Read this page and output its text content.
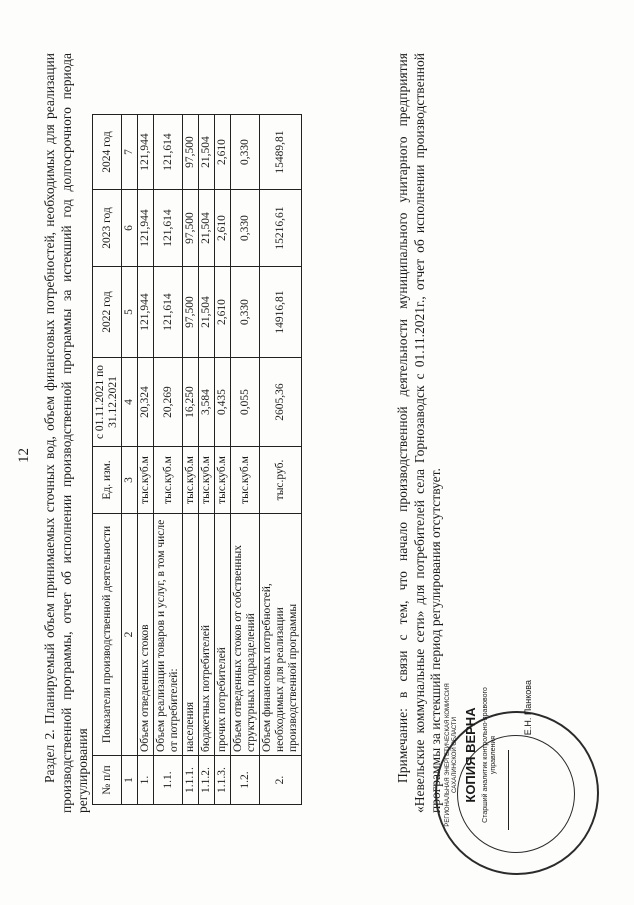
12 Раздел 2. Планируемый объем принимаемых сточных вод, объем финансовых потребностей, необходимых для реализации производственной программы, отчет об исполнении производственной программы за истекший год долгосрочного периода регулирования № п/п	Показатели производственной деятельности	Ед. изм.	с 01.11.2021 по 31.12.2021	2022 год	2023 год	2024 год
1	2	3	4	5	6	7
1.	Объем отведенных стоков	тыс.куб.м	20,324	121,944	121,944	121,944
1.1.	Объем реализации товаров и услуг, в том числе от потребителей:	тыс.куб.м	20,269	121,614	121,614	121,614
1.1.1.	населения	тыс.куб.м	16,250	97,500	97,500	97,500
1.1.2.	бюджетных потребителей	тыс.куб.м	3,584	21,504	21,504	21,504
1.1.3.	прочих потребителей	тыс.куб.м	0,435	2,610	2,610	2,610
1.2.	Объем отведенных стоков от собственных структурных подразделений	тыс.куб.м	0,055	0,330	0,330	0,330
2.	Объем финансовых потребностей, необходимых для реализации производственной программы	тыс.руб.	2605,36	14916,81	15216,61	15489,81	Примечание: в связи с тем, что начало производственной деятельности муниципального унитарного предприятия «Невельские коммунальные сети» для потребителей села Горнозаводск с 01.11.2021г., отчет об исполнении производственной программы за истекший период регулирования отсутствует. РЕГИОНАЛЬНАЯ ЭНЕРГЕТИЧЕСКАЯ КОМИССИЯ САХАЛИНСКОЙ ОБЛАСТИ КОПИЯ ВЕРНА Старший аналитик контрольно-правового управления
Е.Н. Панкова
